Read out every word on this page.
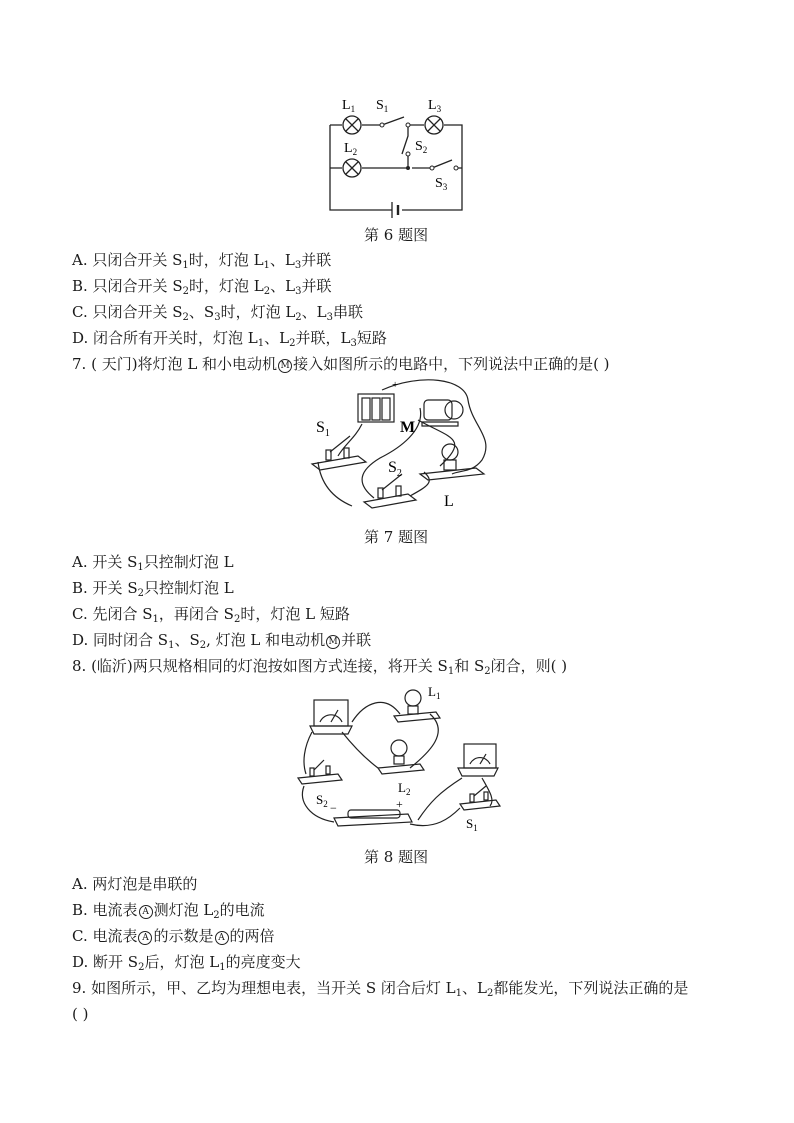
$L_1$ $S_1$	$L_3$
$L_2$	$S_2$
$S_3$
第 6 题图
A. 只闭合开关 $S_1$时，灯泡 $L_1$、$L_3$并联
B. 只闭合开关 $S_2$时，灯泡 $L_2$、$L_3$并联
C. 只闭合开关 $S_2$、$S_3$时，灯泡 $L_2$、$L_3$串联
D. 闭合所有开关时，灯泡 $L_1$、$L_2$并联，$L_3$短路
7. ( 天门)将灯泡 L 和小电动机 M 接入如图所示的电路中，下列说法中正确的是( )
M
+
$S_1$
$S_2$
L
第 7 题图
A. 开关 $S_1$只控制灯泡 L
B. 开关 $S_2$只控制灯泡 L
C. 先闭合 $S_1$，再闭合 $S_2$时，灯泡 L 短路
D. 同时闭合 $S_1$、$S_2$, 灯泡 L 和电动机 M 并联
8. (临沂)两只规格相同的灯泡按如图方式连接，将开关 $S_1$和 $S_2$闭合，则( )
$L_1$
$L_2$
$S_2$ −	+
$S_1$
第 8 题图
A. 两灯泡是串联的
B. 电流表 A 测灯泡 $L_2$的电流
C. 电流表 A 的示数是 A 的两倍
D. 断开 $S_2$后，灯泡 $L_1$的亮度变大
9. 如图所示，甲、乙均为理想电表，当开关 S 闭合后灯 $L_1$、$L_2$都能发光，下列说法正确的是
( )
